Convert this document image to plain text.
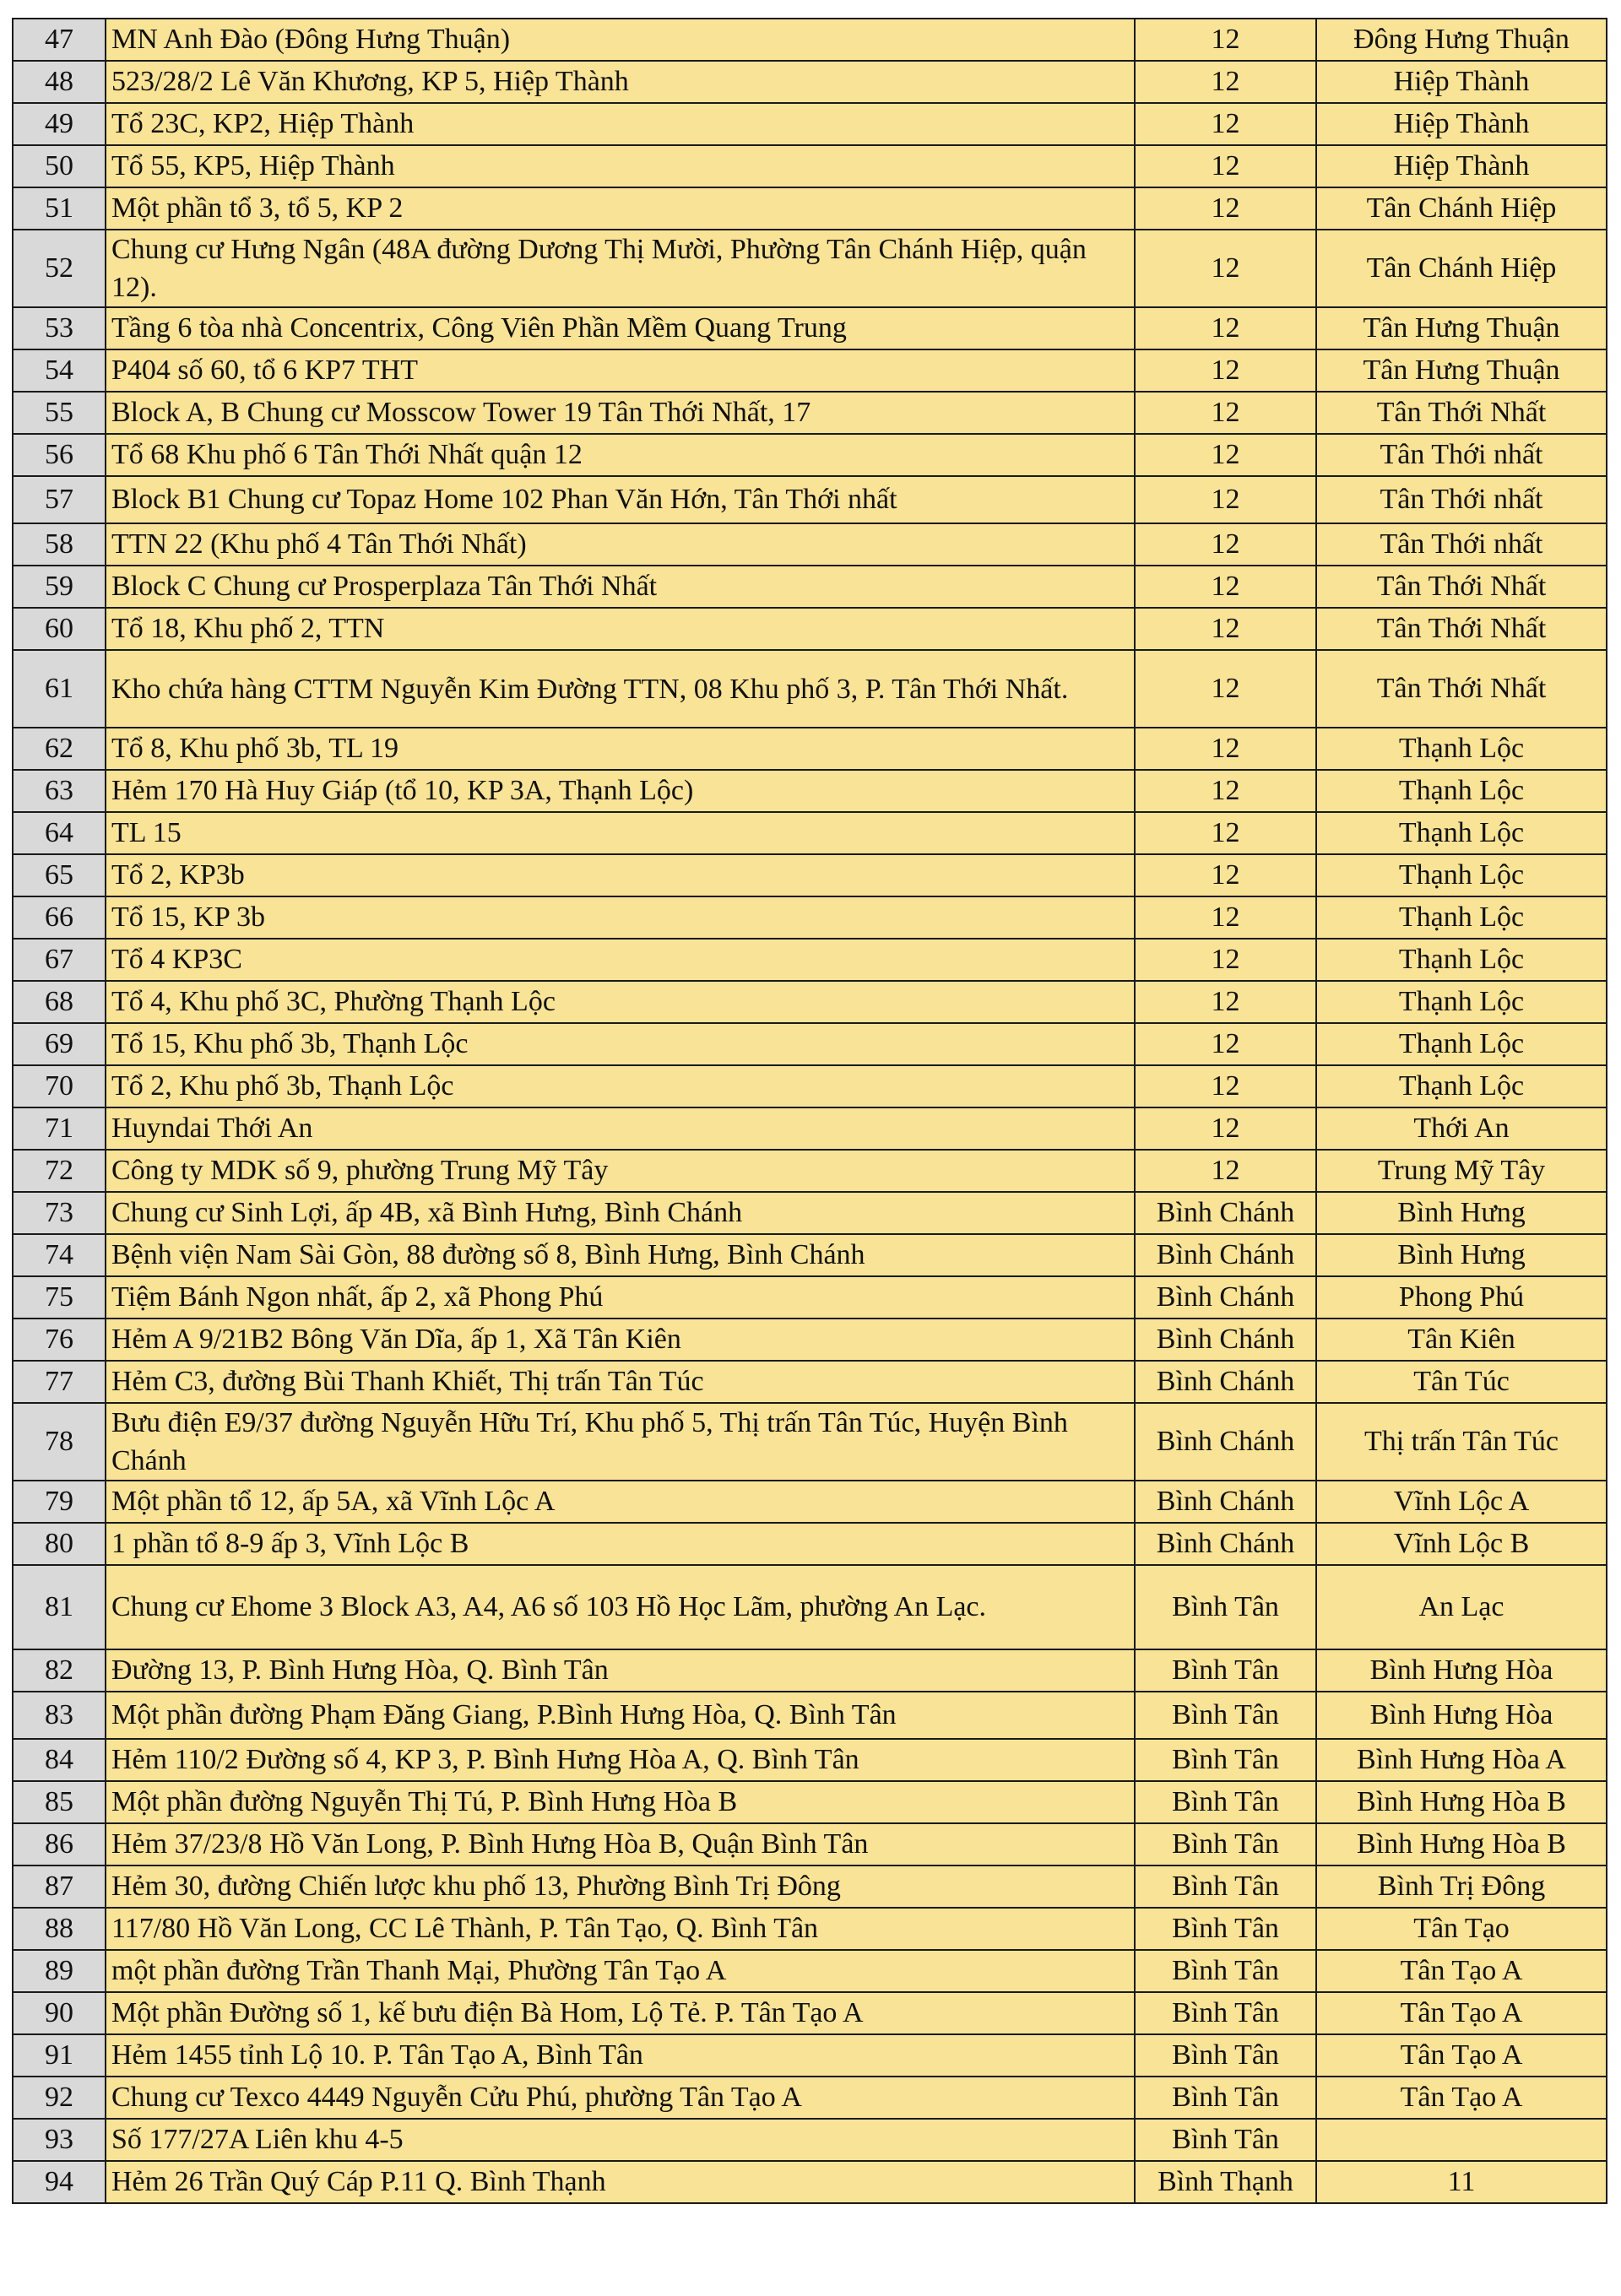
47	MN Anh Đào (Đông Hưng Thuận)	12	Đông Hưng Thuận
48	523/28/2 Lê Văn Khương, KP 5, Hiệp Thành	12	Hiệp Thành
49	Tổ 23C, KP2, Hiệp Thành	12	Hiệp Thành
50	Tổ 55, KP5, Hiệp Thành	12	Hiệp Thành
51	Một phần tổ 3, tổ 5, KP 2	12	Tân Chánh Hiệp
52	Chung cư Hưng Ngân (48A đường Dương Thị Mười, Phường Tân Chánh Hiệp, quận 12).	12	Tân Chánh Hiệp
53	Tầng 6 tòa nhà Concentrix, Công Viên Phần Mềm Quang Trung	12	Tân Hưng Thuận
54	P404 số 60, tổ 6 KP7 THT	12	Tân Hưng Thuận
55	Block A, B Chung cư Mosscow Tower 19 Tân Thới Nhất, 17	12	Tân Thới Nhất
56	Tổ 68 Khu phố 6 Tân Thới Nhất quận 12	12	Tân Thới nhất
57	Block B1 Chung cư Topaz Home 102 Phan Văn Hớn, Tân Thới nhất	12	Tân Thới nhất
58	TTN 22 (Khu phố 4 Tân Thới Nhất)	12	Tân Thới nhất
59	Block C Chung cư Prosperplaza Tân Thới Nhất	12	Tân Thới Nhất
60	Tổ 18, Khu phố 2, TTN	12	Tân Thới Nhất
61	Kho chứa hàng CTTM Nguyễn Kim Đường TTN, 08 Khu phố 3, P. Tân Thới Nhất.	12	Tân Thới Nhất
62	Tổ 8, Khu phố 3b, TL 19	12	Thạnh Lộc
63	Hẻm 170 Hà Huy Giáp (tổ 10, KP 3A, Thạnh Lộc)	12	Thạnh Lộc
64	TL 15	12	Thạnh Lộc
65	Tổ 2, KP3b	12	Thạnh Lộc
66	Tổ 15, KP 3b	12	Thạnh Lộc
67	Tổ 4 KP3C	12	Thạnh Lộc
68	Tổ 4, Khu phố 3C, Phường Thạnh Lộc	12	Thạnh Lộc
69	Tổ 15, Khu phố 3b, Thạnh Lộc	12	Thạnh Lộc
70	Tổ 2, Khu phố 3b, Thạnh Lộc	12	Thạnh Lộc
71	Huyndai Thới An	12	Thới An
72	Công ty MDK số 9, phường Trung Mỹ Tây	12	Trung Mỹ Tây
73	Chung cư Sinh Lợi, ấp 4B, xã Bình Hưng, Bình Chánh	Bình Chánh	Bình Hưng
74	Bệnh viện Nam Sài Gòn, 88 đường số 8, Bình Hưng, Bình Chánh	Bình Chánh	Bình Hưng
75	Tiệm Bánh Ngon nhất, ấp 2, xã Phong Phú	Bình Chánh	Phong Phú
76	Hẻm A 9/21B2 Bông Văn Dĩa, ấp 1, Xã Tân Kiên	Bình Chánh	Tân Kiên
77	Hẻm C3, đường Bùi Thanh Khiết, Thị trấn Tân Túc	Bình Chánh	Tân Túc
78	Bưu điện E9/37 đường Nguyễn Hữu Trí, Khu phố 5, Thị trấn Tân Túc, Huyện Bình Chánh	Bình Chánh	Thị trấn Tân Túc
79	Một phần tổ 12, ấp 5A, xã Vĩnh Lộc A	Bình Chánh	Vĩnh Lộc A
80	1 phần tổ 8-9 ấp 3, Vĩnh Lộc B	Bình Chánh	Vĩnh Lộc B
81	Chung cư Ehome 3 Block A3, A4, A6 số 103 Hồ Học Lãm, phường An Lạc.	Bình Tân	An Lạc
82	Đường 13, P. Bình Hưng Hòa, Q. Bình Tân	Bình Tân	Bình Hưng Hòa
83	Một phần đường Phạm Đăng Giang, P.Bình Hưng Hòa, Q. Bình Tân	Bình Tân	Bình Hưng Hòa
84	Hẻm 110/2 Đường số 4, KP 3, P. Bình Hưng Hòa A, Q. Bình Tân	Bình Tân	Bình Hưng Hòa A
85	Một phần đường Nguyễn Thị Tú, P. Bình Hưng Hòa B	Bình Tân	Bình Hưng Hòa B
86	Hẻm 37/23/8 Hồ Văn Long, P. Bình Hưng Hòa B, Quận Bình Tân	Bình Tân	Bình Hưng Hòa B
87	Hẻm 30, đường Chiến lược khu phố 13, Phường Bình Trị Đông	Bình Tân	Bình Trị Đông
88	117/80 Hồ Văn Long, CC Lê Thành, P. Tân Tạo, Q. Bình Tân	Bình Tân	Tân Tạo
89	một phần đường Trần Thanh Mại, Phường Tân Tạo A	Bình Tân	Tân Tạo A
90	Một phần Đường số 1, kế bưu điện Bà Hom, Lộ Tẻ. P. Tân Tạo A	Bình Tân	Tân Tạo A
91	Hẻm 1455 tỉnh Lộ 10. P. Tân Tạo A, Bình Tân	Bình Tân	Tân Tạo A
92	Chung cư Texco 4449 Nguyễn Cửu Phú, phường Tân Tạo A	Bình Tân	Tân Tạo A
93	Số 177/27A Liên khu 4-5	Bình Tân	
94	Hẻm 26 Trần Quý Cáp P.11 Q. Bình Thạnh	Bình Thạnh	11
